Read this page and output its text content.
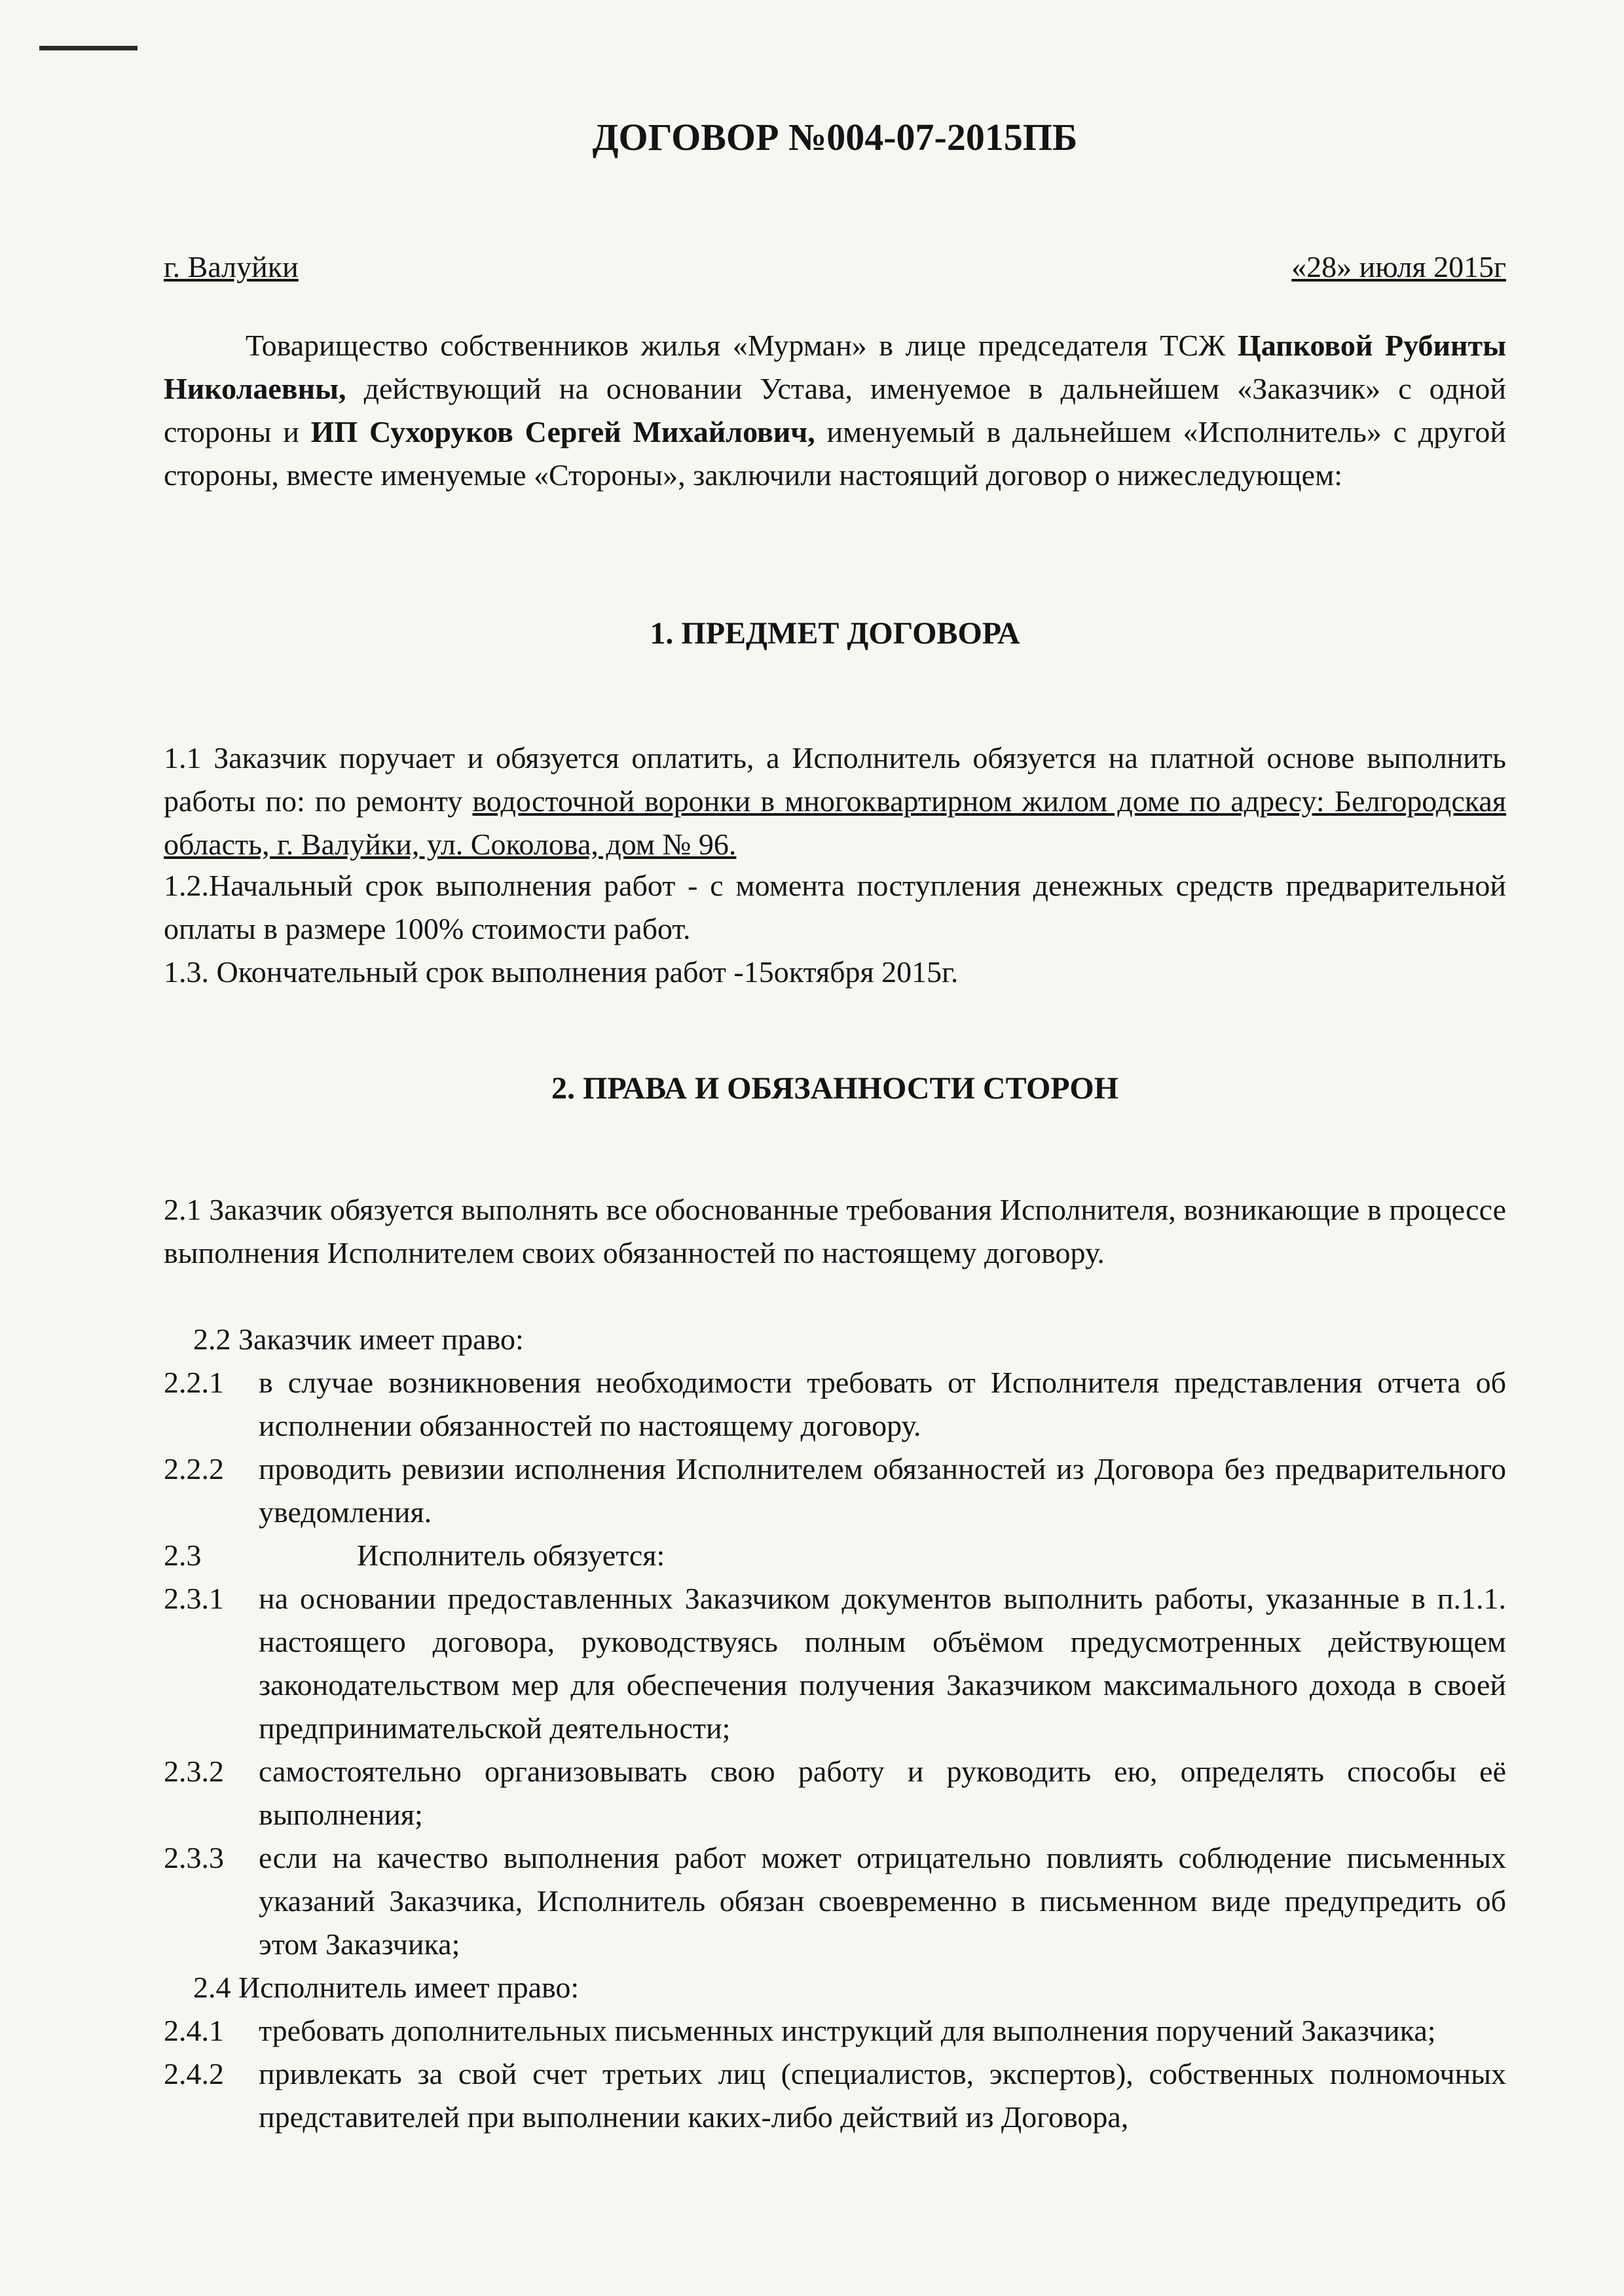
ДОГОВОР №004-07-2015ПБ
г. Валуйки	«28» июля 2015г
Товарищество собственников жилья «Мурман» в лице председателя ТСЖ Цапковой Рубинты Николаевны, действующий на основании Устава, именуемое в дальнейшем «Заказчик» с одной стороны и ИП Сухоруков Сергей Михайлович, именуемый в дальнейшем «Исполнитель» с другой стороны, вместе именуемые «Стороны», заключили настоящий договор о нижеследующем:
1. ПРЕДМЕТ ДОГОВОРА
1.1 Заказчик поручает и обязуется оплатить, а Исполнитель обязуется на платной основе выполнить работы по: по ремонту водосточной воронки в многоквартирном жилом доме по адресу: Белгородская область, г. Валуйки, ул. Соколова, дом № 96.
1.2.Начальный срок выполнения работ - с момента поступления денежных средств предварительной оплаты в размере 100% стоимости работ.
1.3. Окончательный срок выполнения работ -15октября 2015г.
2. ПРАВА И ОБЯЗАННОСТИ СТОРОН
2.1 Заказчик обязуется выполнять все обоснованные требования Исполнителя, возникающие в процессе выполнения Исполнителем своих обязанностей по настоящему договору.
2.2 Заказчик имеет право:
2.2.1	в случае возникновения необходимости требовать от Исполнителя представления отчета об исполнении обязанностей по настоящему договору.
2.2.2	проводить ревизии исполнения Исполнителем обязанностей из Договора без предварительного уведомления.
2.3	Исполнитель обязуется:
2.3.1	на основании предоставленных Заказчиком документов выполнить работы, указанные в п.1.1. настоящего договора, руководствуясь полным объёмом предусмотренных действующем законодательством мер для обеспечения получения Заказчиком максимального дохода в своей предпринимательской деятельности;
2.3.2	самостоятельно организовывать свою работу и руководить ею, определять способы её выполнения;
2.3.3	если на качество выполнения работ может отрицательно повлиять соблюдение письменных указаний Заказчика, Исполнитель обязан своевременно в письменном виде предупредить об этом Заказчика;
2.4 Исполнитель имеет право:
2.4.1	требовать дополнительных письменных инструкций для выполнения поручений Заказчика;
2.4.2	привлекать за свой счет третьих лиц (специалистов, экспертов), собственных полномочных представителей при выполнении каких-либо действий из Договора,
